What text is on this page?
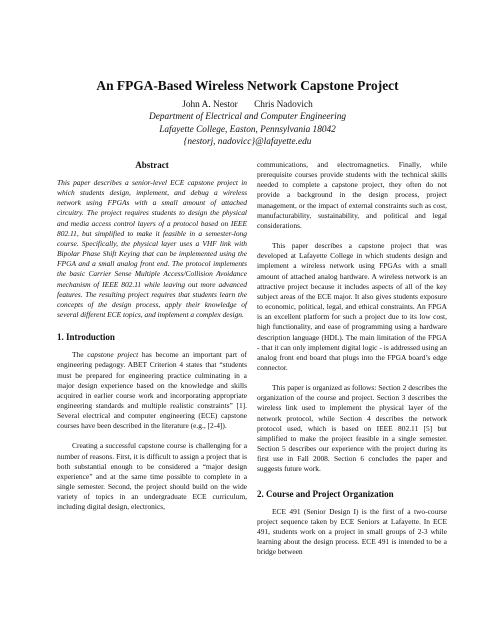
An FPGA-Based Wireless Network Capstone Project
John A. Nestor Chris Nadovich
Department of Electrical and Computer Engineering
Lafayette College, Easton, Pennsylvania 18042
{nestorj, nadovicc}@lafayette.edu
Abstract

This paper describes a senior-level ECE capstone project in which students design, implement, and debug a wireless network using FPGAs with a small amount of attached circuitry. The project requires students to design the physical and media access control layers of a protocol based on IEEE 802.11, but simplified to make it feasible in a semester-long course. Specifically, the physical layer uses a VHF link with Bipolar Phase Shift Keying that can be implemented using the FPGA and a small analog front end. The protocol implements the basic Carrier Sense Multiple Access/Collision Avoidance mechanism of IEEE 802.11 while leaving out more advanced features. The resulting project requires that students learn the concepts of the design process, apply their knowledge of several different ECE topics, and implement a complex design.

1. Introduction

The capstone project has become an important part of engineering pedagogy. ABET Criterion 4 states that “students must be prepared for engineering practice culminating in a major design experience based on the knowledge and skills acquired in earlier course work and incorporating appropriate engineering standards and multiple realistic constraints” [1]. Several electrical and computer engineering (ECE) capstone courses have been described in the literature (e.g., [2-4]).

Creating a successful capstone course is challenging for a number of reasons. First, it is difficult to assign a project that is both substantial enough to be considered a “major design experience” and at the same time possible to complete in a single semester. Second, the project should build on the wide variety of topics in an undergraduate ECE curriculum, including digital design, electronics,

communications, and electromagnetics. Finally, while prerequisite courses provide students with the technical skills needed to complete a capstone project, they often do not provide a background in the design process, project management, or the impact of external constraints such as cost, manufacturability, sustainability, and political and legal considerations.

This paper describes a capstone project that was developed at Lafayette College in which students design and implement a wireless network using FPGAs with a small amount of attached analog hardware. A wireless network is an attractive project because it includes aspects of all of the key subject areas of the ECE major. It also gives students exposure to economic, political, legal, and ethical constraints. An FPGA is an excellent platform for such a project due to its low cost, high functionality, and ease of programming using a hardware description language (HDL). The main limitation of the FPGA - that it can only implement digital logic - is addressed using an analog front end board that plugs into the FPGA board’s edge connector.

This paper is organized as follows: Section 2 describes the organization of the course and project. Section 3 describes the wireless link used to implement the physical layer of the network protocol, while Section 4 describes the network protocol used, which is based on IEEE 802.11 [5] but simplified to make the project feasible in a single semester. Section 5 describes our experience with the project during its first use in Fall 2008. Section 6 concludes the paper and suggests future work.

2. Course and Project Organization

ECE 491 (Senior Design I) is the first of a two-course project sequence taken by ECE Seniors at Lafayette. In ECE 491, students work on a project in small groups of 2-3 while learning about the design process. ECE 491 is intended to be a bridge between
